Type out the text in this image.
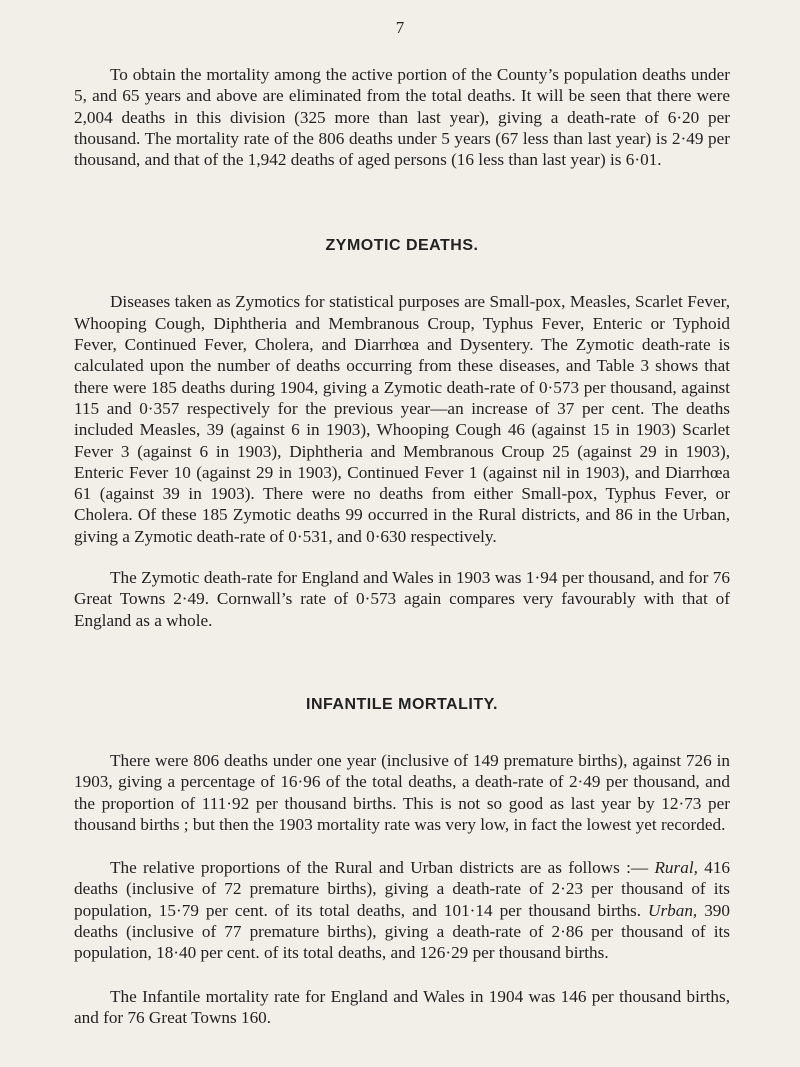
7

To obtain the mortality among the active portion of the County’s population deaths under 5, and 65 years and above are eliminated from the total deaths. It will be seen that there were 2,004 deaths in this division (325 more than last year), giving a death-rate of 6·20 per thousand. The mortality rate of the 806 deaths under 5 years (67 less than last year) is 2·49 per thousand, and that of the 1,942 deaths of aged persons (16 less than last year) is 6·01.

ZYMOTIC DEATHS.

Diseases taken as Zymotics for statistical purposes are Small-pox, Measles, Scarlet Fever, Whooping Cough, Diphtheria and Membranous Croup, Typhus Fever, Enteric or Typhoid Fever, Continued Fever, Cholera, and Diarrhœa and Dysentery. The Zymotic death-rate is calculated upon the number of deaths occurring from these diseases, and Table 3 shows that there were 185 deaths during 1904, giving a Zymotic death-rate of 0·573 per thousand, against 115 and 0·357 respectively for the previous year—an increase of 37 per cent. The deaths included Measles, 39 (against 6 in 1903), Whooping Cough 46 (against 15 in 1903) Scarlet Fever 3 (against 6 in 1903), Diphtheria and Membranous Croup 25 (against 29 in 1903), Enteric Fever 10 (against 29 in 1903), Continued Fever 1 (against nil in 1903), and Diarrhœa 61 (against 39 in 1903). There were no deaths from either Small-pox, Typhus Fever, or Cholera. Of these 185 Zymotic deaths 99 occurred in the Rural districts, and 86 in the Urban, giving a Zymotic death-rate of 0·531, and 0·630 respectively.

The Zymotic death-rate for England and Wales in 1903 was 1·94 per thousand, and for 76 Great Towns 2·49. Cornwall’s rate of 0·573 again compares very favourably with that of England as a whole.

INFANTILE MORTALITY.

There were 806 deaths under one year (inclusive of 149 premature births), against 726 in 1903, giving a percentage of 16·96 of the total deaths, a death-rate of 2·49 per thousand, and the proportion of 111·92 per thousand births. This is not so good as last year by 12·73 per thousand births ; but then the 1903 mortality rate was very low, in fact the lowest yet recorded.

The relative proportions of the Rural and Urban districts are as follows :— Rural, 416 deaths (inclusive of 72 premature births), giving a death-rate of 2·23 per thousand of its population, 15·79 per cent. of its total deaths, and 101·14 per thousand births. Urban, 390 deaths (inclusive of 77 premature births), giving a death-rate of 2·86 per thousand of its population, 18·40 per cent. of its total deaths, and 126·29 per thousand births.

The Infantile mortality rate for England and Wales in 1904 was 146 per thousand births, and for 76 Great Towns 160.
